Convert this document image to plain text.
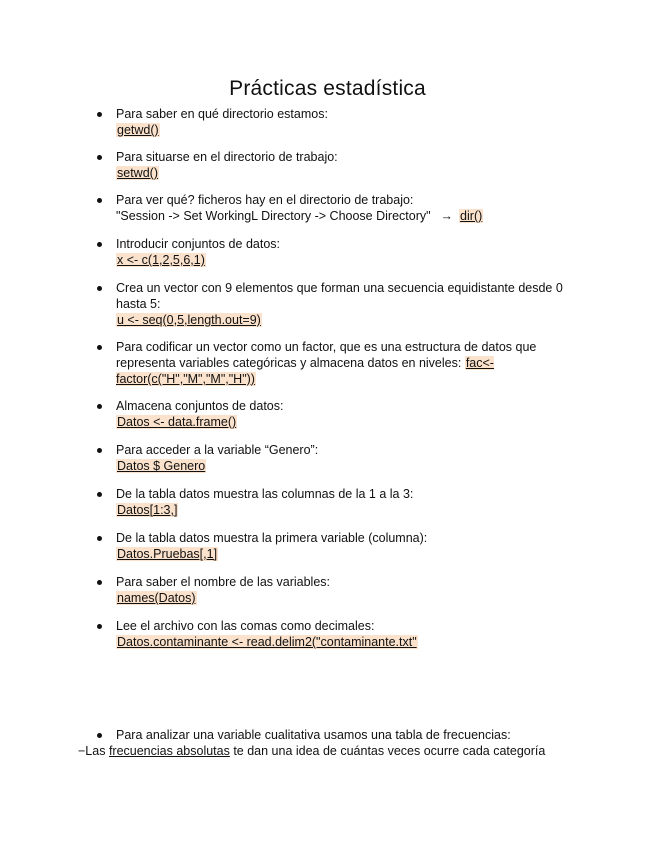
Prácticas estadística
Para saber en qué directorio estamos:
getwd()
Para situarse en el directorio de trabajo:
setwd()
Para ver qué? ficheros hay en el directorio de trabajo:
"Session -> Set WorkingL Directory -> Choose Directory" → dir()
Introducir conjuntos de datos:
x <- c(1,2,5,6,1)
Crea un vector con 9 elementos que forman una secuencia equidistante desde 0 hasta 5:
u <- seq(0,5,length.out=9)
Para codificar un vector como un factor, que es una estructura de datos que representa variables categóricas y almacena datos en niveles: fac<-factor(c("H","M","M","H"))
Almacena conjuntos de datos:
Datos <- data.frame()
Para acceder a la variable “Genero”:
Datos $ Genero
De la tabla datos muestra las columnas de la 1 a la 3:
Datos[1:3,]
De la tabla datos muestra la primera variable (columna):
Datos.Pruebas[,1]
Para saber el nombre de las variables:
names(Datos)
Lee el archivo con las comas como decimales:
Datos.contaminante <- read.delim2("contaminante.txt"
Para analizar una variable cualitativa usamos una tabla de frecuencias:
−Las frecuencias absolutas te dan una idea de cuántas veces ocurre cada categoría
